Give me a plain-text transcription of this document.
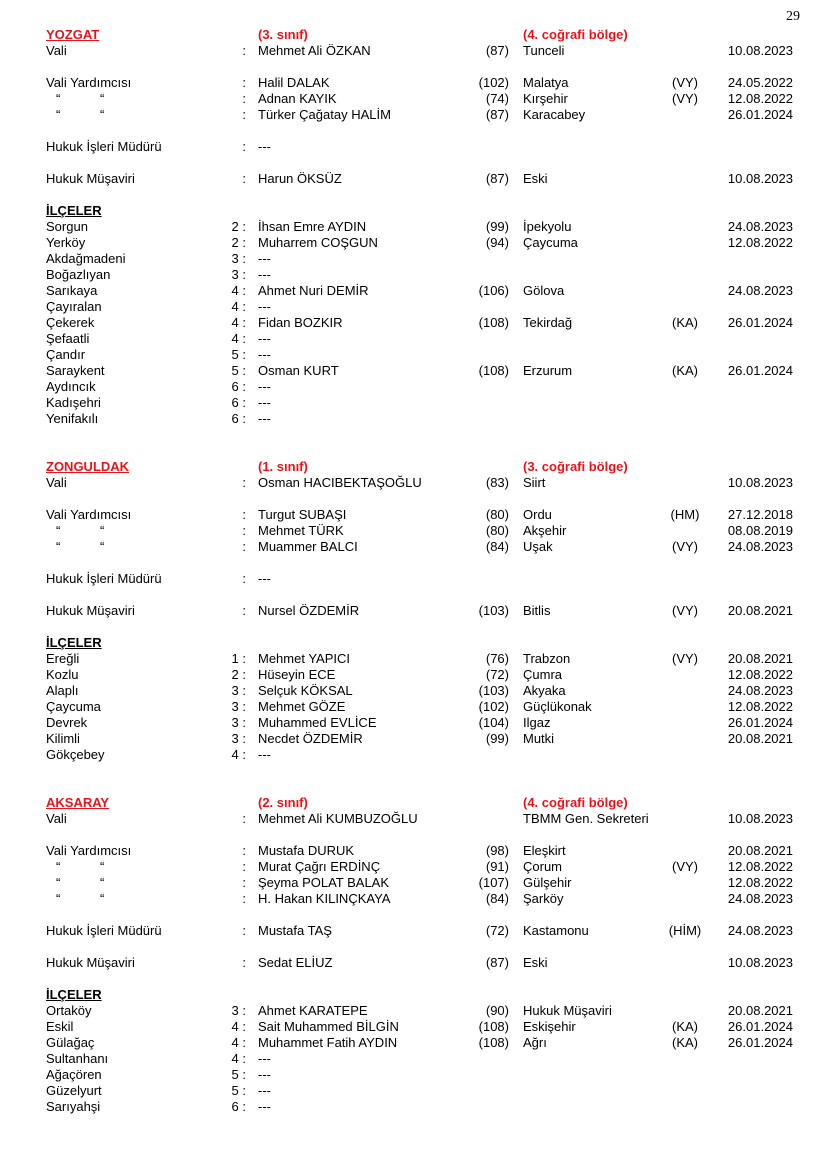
29
YOZGAT	(3. sınıf)	(4. coğrafi bölge)
Vali	: Mehmet Ali ÖZKAN	(87) Tunceli	10.08.2023
Vali Yardımcısı	: Halil DALAK	(102) Malatya	(VY)	24.05.2022
“	“	: Adnan KAYIK	(74) Kırşehir	(VY)	12.08.2022
“	“	: Türker Çağatay HALİM	(87) Karacabey	26.01.2024
Hukuk İşleri Müdürü	: ---
Hukuk Müşaviri	: Harun ÖKSÜZ	(87) Eski	10.08.2023
İLÇELER
Sorgun	2 : İhsan Emre AYDIN	(99) İpekyolu	24.08.2023
Yerköy	2 : Muharrem COŞGUN	(94) Çaycuma	12.08.2022
Akdağmadeni	3 : ---
Boğazlıyan	3 : ---
Sarıkaya	4 : Ahmet Nuri DEMİR	(106) Gölova	24.08.2023
Çayıralan	4 : ---
Çekerek	4 : Fidan BOZKIR	(108) Tekirdağ	(KA)	26.01.2024
Şefaatli	4 : ---
Çandır	5 : ---
Saraykent	5 : Osman KURT	(108) Erzurum	(KA)	26.01.2024
Aydıncık	6 : ---
Kadışehri	6 : ---
Yenifakılı	6 : ---
ZONGULDAK	(1. sınıf)	(3. coğrafi bölge)
Vali	: Osman HACIBEKTAŞOĞLU	(83) Siirt	10.08.2023
Vali Yardımcısı	: Turgut SUBAŞI	(80) Ordu	(HM)	27.12.2018
“	“	: Mehmet TÜRK	(80) Akşehir	08.08.2019
“	“	: Muammer BALCI	(84) Uşak	(VY)	24.08.2023
Hukuk İşleri Müdürü	: ---
Hukuk Müşaviri	: Nursel ÖZDEMİR	(103) Bitlis	(VY)	20.08.2021
İLÇELER
Ereğli	1 : Mehmet YAPICI	(76) Trabzon	(VY)	20.08.2021
Kozlu	2 : Hüseyin ECE	(72) Çumra	12.08.2022
Alaplı	3 : Selçuk KÖKSAL	(103) Akyaka	24.08.2023
Çaycuma	3 : Mehmet GÖZE	(102) Güçlükonak	12.08.2022
Devrek	3 : Muhammed EVLİCE	(104) Ilgaz	26.01.2024
Kilimli	3 : Necdet ÖZDEMİR	(99) Mutki	20.08.2021
Gökçebey	4 : ---
AKSARAY	(2. sınıf)	(4. coğrafi bölge)
Vali	: Mehmet Ali KUMBUZOĞLU	TBMM Gen. Sekreteri	10.08.2023
Vali Yardımcısı	: Mustafa DURUK	(98) Eleşkirt	20.08.2021
“	“	: Murat Çağrı ERDİNÇ	(91) Çorum	(VY)	12.08.2022
“	“	: Şeyma POLAT BALAK	(107) Gülşehir	12.08.2022
“	“	: H. Hakan KILINÇKAYA	(84) Şarköy	24.08.2023
Hukuk İşleri Müdürü	: Mustafa TAŞ	(72) Kastamonu	(HİM)	24.08.2023
Hukuk Müşaviri	: Sedat ELİUZ	(87) Eski	10.08.2023
İLÇELER
Ortaköy	3 : Ahmet KARATEPE	(90) Hukuk Müşaviri	20.08.2021
Eskil	4 : Sait Muhammed BİLGİN	(108) Eskişehir	(KA)	26.01.2024
Gülağaç	4 : Muhammet Fatih AYDIN	(108) Ağrı	(KA)	26.01.2024
Sultanhanı	4 : ---
Ağaçören	5 : ---
Güzelyurt	5 : ---
Sarıyahşi	6 : ---
